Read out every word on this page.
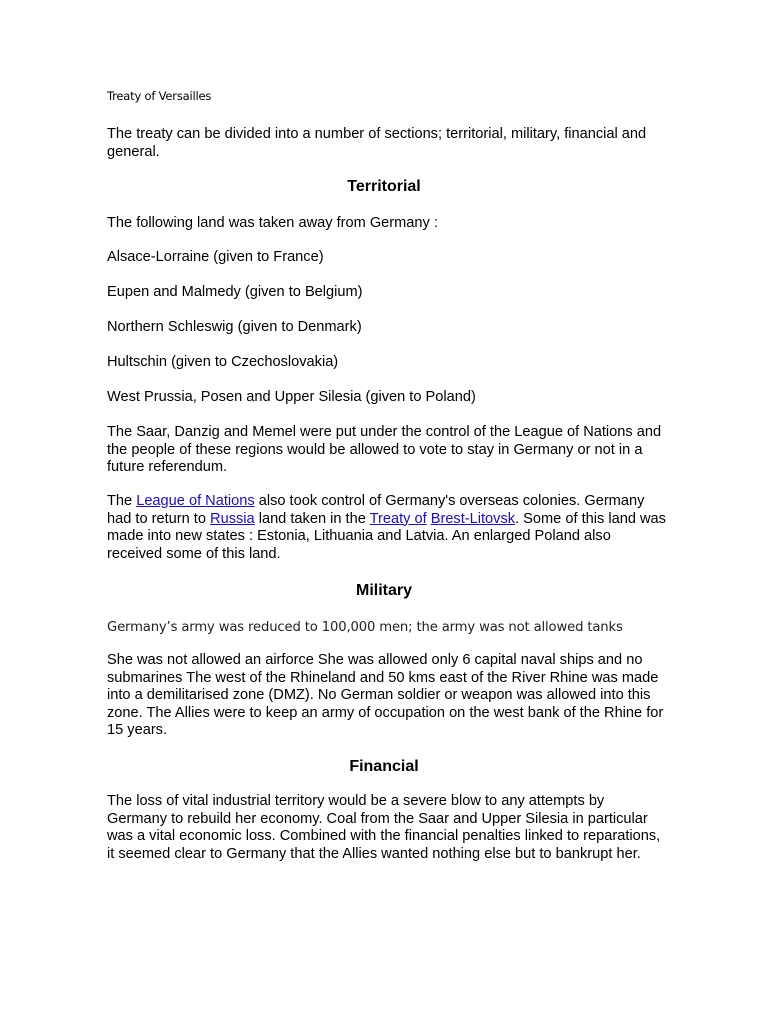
Treaty of Versailles

The treaty can be divided into a number of sections; territorial, military, financial and general.

Territorial

The following land was taken away from Germany :

Alsace-Lorraine (given to France)

Eupen and Malmedy (given to Belgium)

Northern Schleswig (given to Denmark)

Hultschin (given to Czechoslovakia)

West Prussia, Posen and Upper Silesia (given to Poland)

The Saar, Danzig and Memel were put under the control of the League of Nations and the people of these regions would be allowed to vote to stay in Germany or not in a future referendum.

The League of Nations also took control of Germany's overseas colonies. Germany had to return to Russia land taken in the Treaty of Brest-Litovsk. Some of this land was made into new states : Estonia, Lithuania and Latvia. An enlarged Poland also received some of this land.

Military

Germany’s army was reduced to 100,000 men; the army was not allowed tanks

She was not allowed an airforce She was allowed only 6 capital naval ships and no submarines The west of the Rhineland and 50 kms east of the River Rhine was made into a demilitarised zone (DMZ). No German soldier or weapon was allowed into this zone. The Allies were to keep an army of occupation on the west bank of the Rhine for 15 years.

Financial

The loss of vital industrial territory would be a severe blow to any attempts by Germany to rebuild her economy. Coal from the Saar and Upper Silesia in particular was a vital economic loss. Combined with the financial penalties linked to reparations, it seemed clear to Germany that the Allies wanted nothing else but to bankrupt her.
